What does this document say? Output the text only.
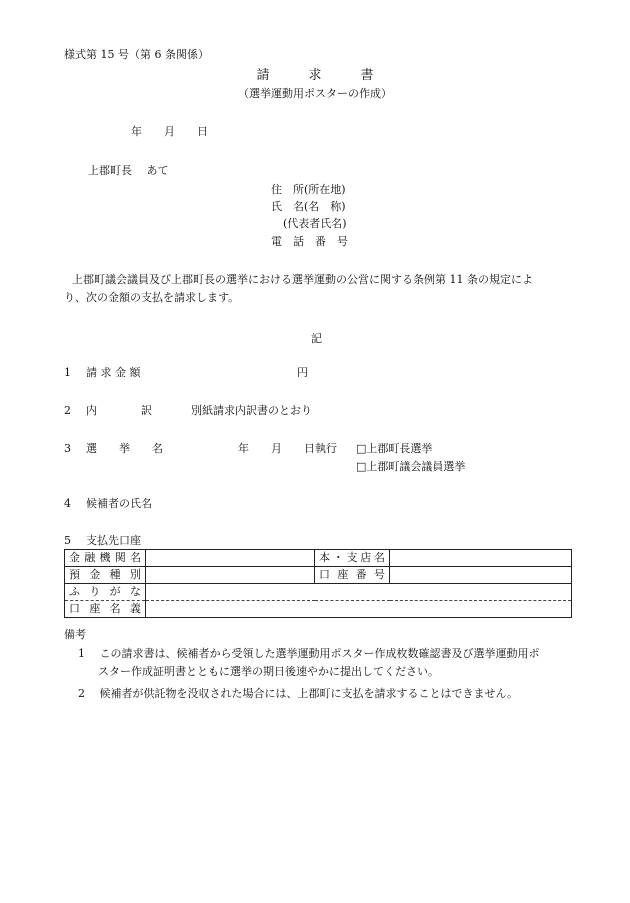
様式第 15 号（第 6 条関係）
請　　　求　　　書
（選挙運動用ポスターの作成）
年　　月　　日
上郡町長　 あて
住　所(所在地)
氏　名(名　称)
(代表者氏名)
電　話　番　号
上郡町議会議員及び上郡町長の選挙における選挙運動の公営に関する条例第 11 条の規定によ
り、次の金額の支払を請求します。
記
1 請 求 金 額	円
2 内　　　　訳	別紙請求内訳書のとおり
3 選　　挙　　名	年　　月　　日執行 □上郡町長選挙
□上郡町議会議員選挙
4 候補者の氏名
5 支払先口座
金融機関名		本・支店名	
預金種別		口座番号	
ふりがな			
口座名義			
備考
1　 この請求書は、候補者から受領した選挙運動用ポスター作成枚数確認書及び選挙運動用ポ
スター作成証明書とともに選挙の期日後速やかに提出してください。
2　 候補者が供託物を没収された場合には、上郡町に支払を請求することはできません。
